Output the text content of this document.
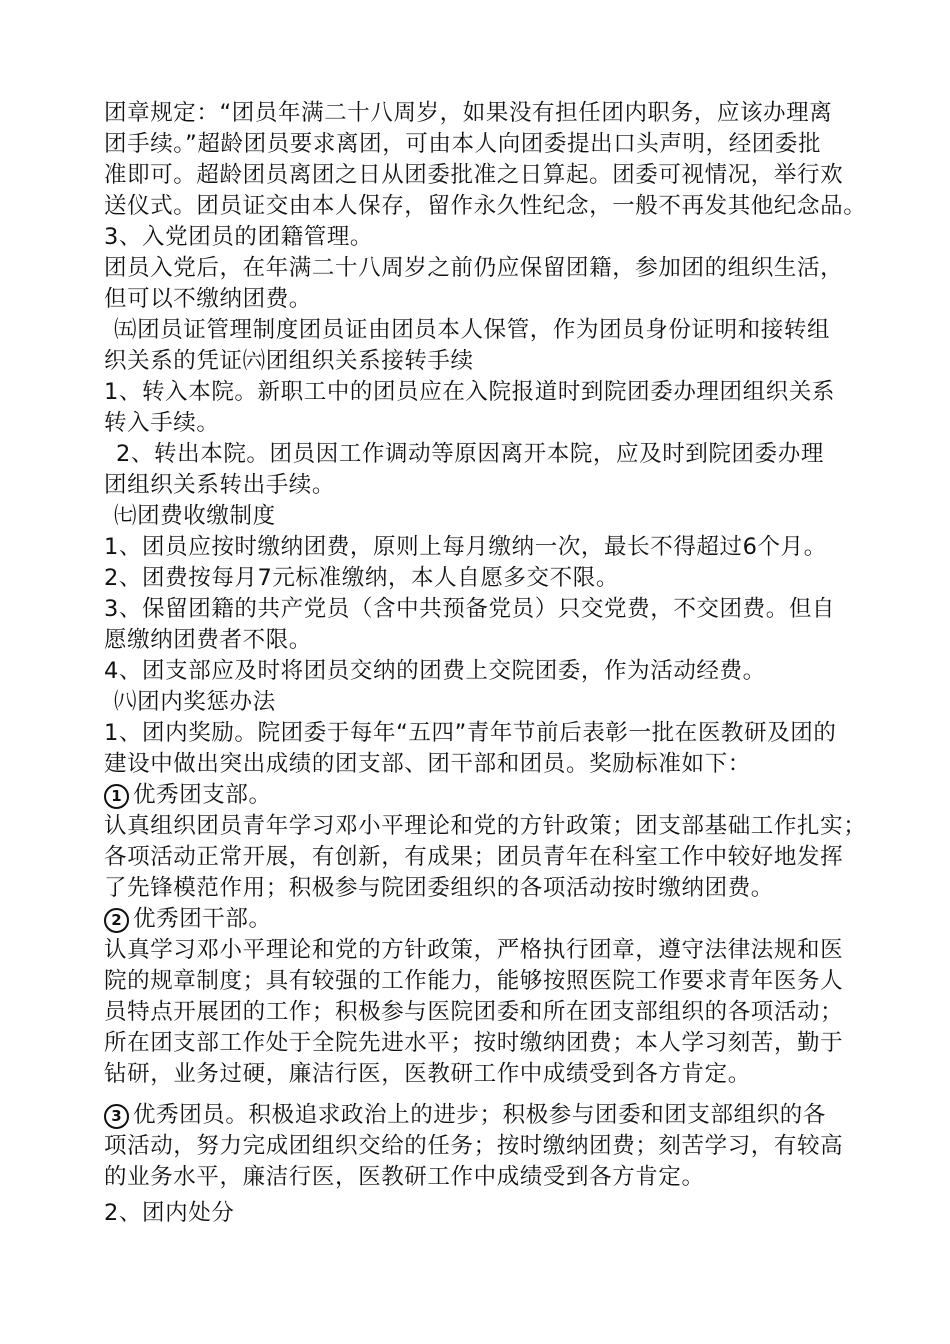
团章规定：“团员年满二十八周岁，如果没有担任团内职务，应该办理离
团手续。”超龄团员要求离团，可由本人向团委提出口头声明，经团委批
准即可。超龄团员离团之日从团委批准之日算起。团委可视情况，举行欢
送仪式。团员证交由本人保存，留作永久性纪念，一般不再发其他纪念品。
3、入党团员的团籍管理。
团员入党后，在年满二十八周岁之前仍应保留团籍，参加团的组织生活，
但可以不缴纳团费。
㈤团员证管理制度团员证由团员本人保管，作为团员身份证明和接转组
织关系的凭证㈥团组织关系接转手续
1、转入本院。新职工中的团员应在入院报道时到院团委办理团组织关系
转入手续。
2、转出本院。团员因工作调动等原因离开本院，应及时到院团委办理
团组织关系转出手续。
㈦团费收缴制度
1、团员应按时缴纳团费，原则上每月缴纳一次，最长不得超过6个月。
2、团费按每月7元标准缴纳，本人自愿多交不限。
3、保留团籍的共产党员（含中共预备党员）只交党费，不交团费。但自
愿缴纳团费者不限。
4、团支部应及时将团员交纳的团费上交院团委，作为活动经费。
㈧团内奖惩办法
1、团内奖励。院团委于每年“五四”青年节前后表彰一批在医教研及团的
建设中做出突出成绩的团支部、团干部和团员。奖励标准如下：
1 优秀团支部。
认真组织团员青年学习邓小平理论和党的方针政策；团支部基础工作扎实；
各项活动正常开展，有创新，有成果；团员青年在科室工作中较好地发挥
了先锋模范作用；积极参与院团委组织的各项活动按时缴纳团费。
2 优秀团干部。
认真学习邓小平理论和党的方针政策，严格执行团章，遵守法律法规和医
院的规章制度；具有较强的工作能力，能够按照医院工作要求青年医务人
员特点开展团的工作；积极参与医院团委和所在团支部组织的各项活动；
所在团支部工作处于全院先进水平；按时缴纳团费；本人学习刻苦，勤于
钻研，业务过硬，廉洁行医，医教研工作中成绩受到各方肯定。
3 优秀团员。积极追求政治上的进步；积极参与团委和团支部组织的各
项活动，努力完成团组织交给的任务；按时缴纳团费；刻苦学习，有较高
的业务水平，廉洁行医，医教研工作中成绩受到各方肯定。
2、团内处分
